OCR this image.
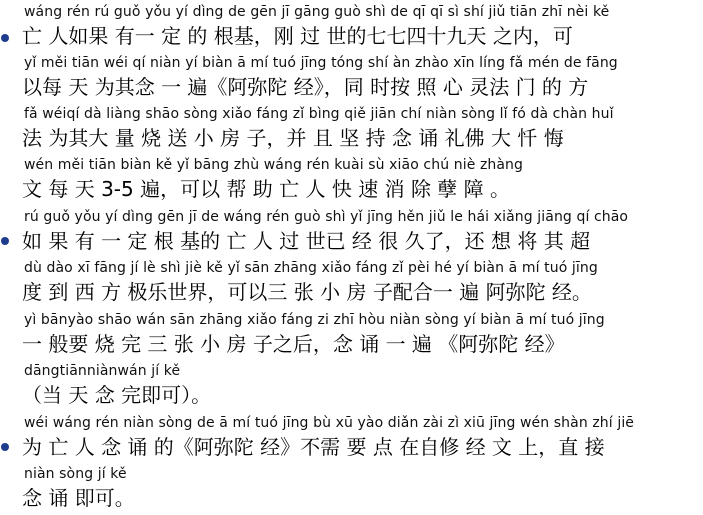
wáng rén rú guǒ yǒu yí dìng de gēn jī gāng guò shì de qī qī sì shí jiǔ tiān zhī nèi kě
亡 人如果 有一 定 的 根基，刚 过 世的七七四十九天 之内，可
yǐ měi tiān wéi qí niàn yí biàn ā mí tuó jīng tóng shí àn zhào xīn líng fǎ mén de fāng
以每 天 为其念 一 遍《阿弥陀 经》，同 时按 照 心 灵法 门 的 方
fǎ wéiqí dà liàng shāo sòng xiǎo fáng zǐ bìng qiě jiān chí niàn sòng lǐ fó dà chàn huǐ
法 为其大 量 烧 送 小 房 子，并 且 坚 持 念 诵 礼佛 大 忏 悔
wén měi tiān biàn kě yǐ bāng zhù wáng rén kuài sù xiāo chú niè zhàng
文 每 天 3-5 遍，可以 帮 助 亡 人 快 速 消 除 孽 障 。
rú guǒ yǒu yí dìng gēn jī de wáng rén guò shì yǐ jīng hěn jiǔ le hái xiǎng jiāng qí chāo
如 果 有 一 定 根 基的 亡 人 过 世已 经 很 久了，还 想 将 其 超
dù dào xī fāng jí lè shì jiè kě yǐ sān zhāng xiǎo fáng zǐ pèi hé yí biàn ā mí tuó jīng
度 到 西 方 极乐世界，可以三 张 小 房 子配合一 遍 阿弥陀 经。
yì bānyào shāo wán sān zhāng xiǎo fáng zi zhī hòu niàn sòng yí biàn ā mí tuó jīng
一 般要 烧 完 三 张 小 房 子之后，念 诵 一 遍 《阿弥陀 经》
dāngtiānniànwán jí kě
（当 天 念 完即可）。
wéi wáng rén niàn sòng de ā mí tuó jīng bù xū yào diǎn zài zì xiū jīng wén shàn zhí jiē
为 亡 人 念 诵 的《阿弥陀 经》不需 要 点 在自修 经 文 上，直 接
niàn sòng jí kě
念 诵 即可。
